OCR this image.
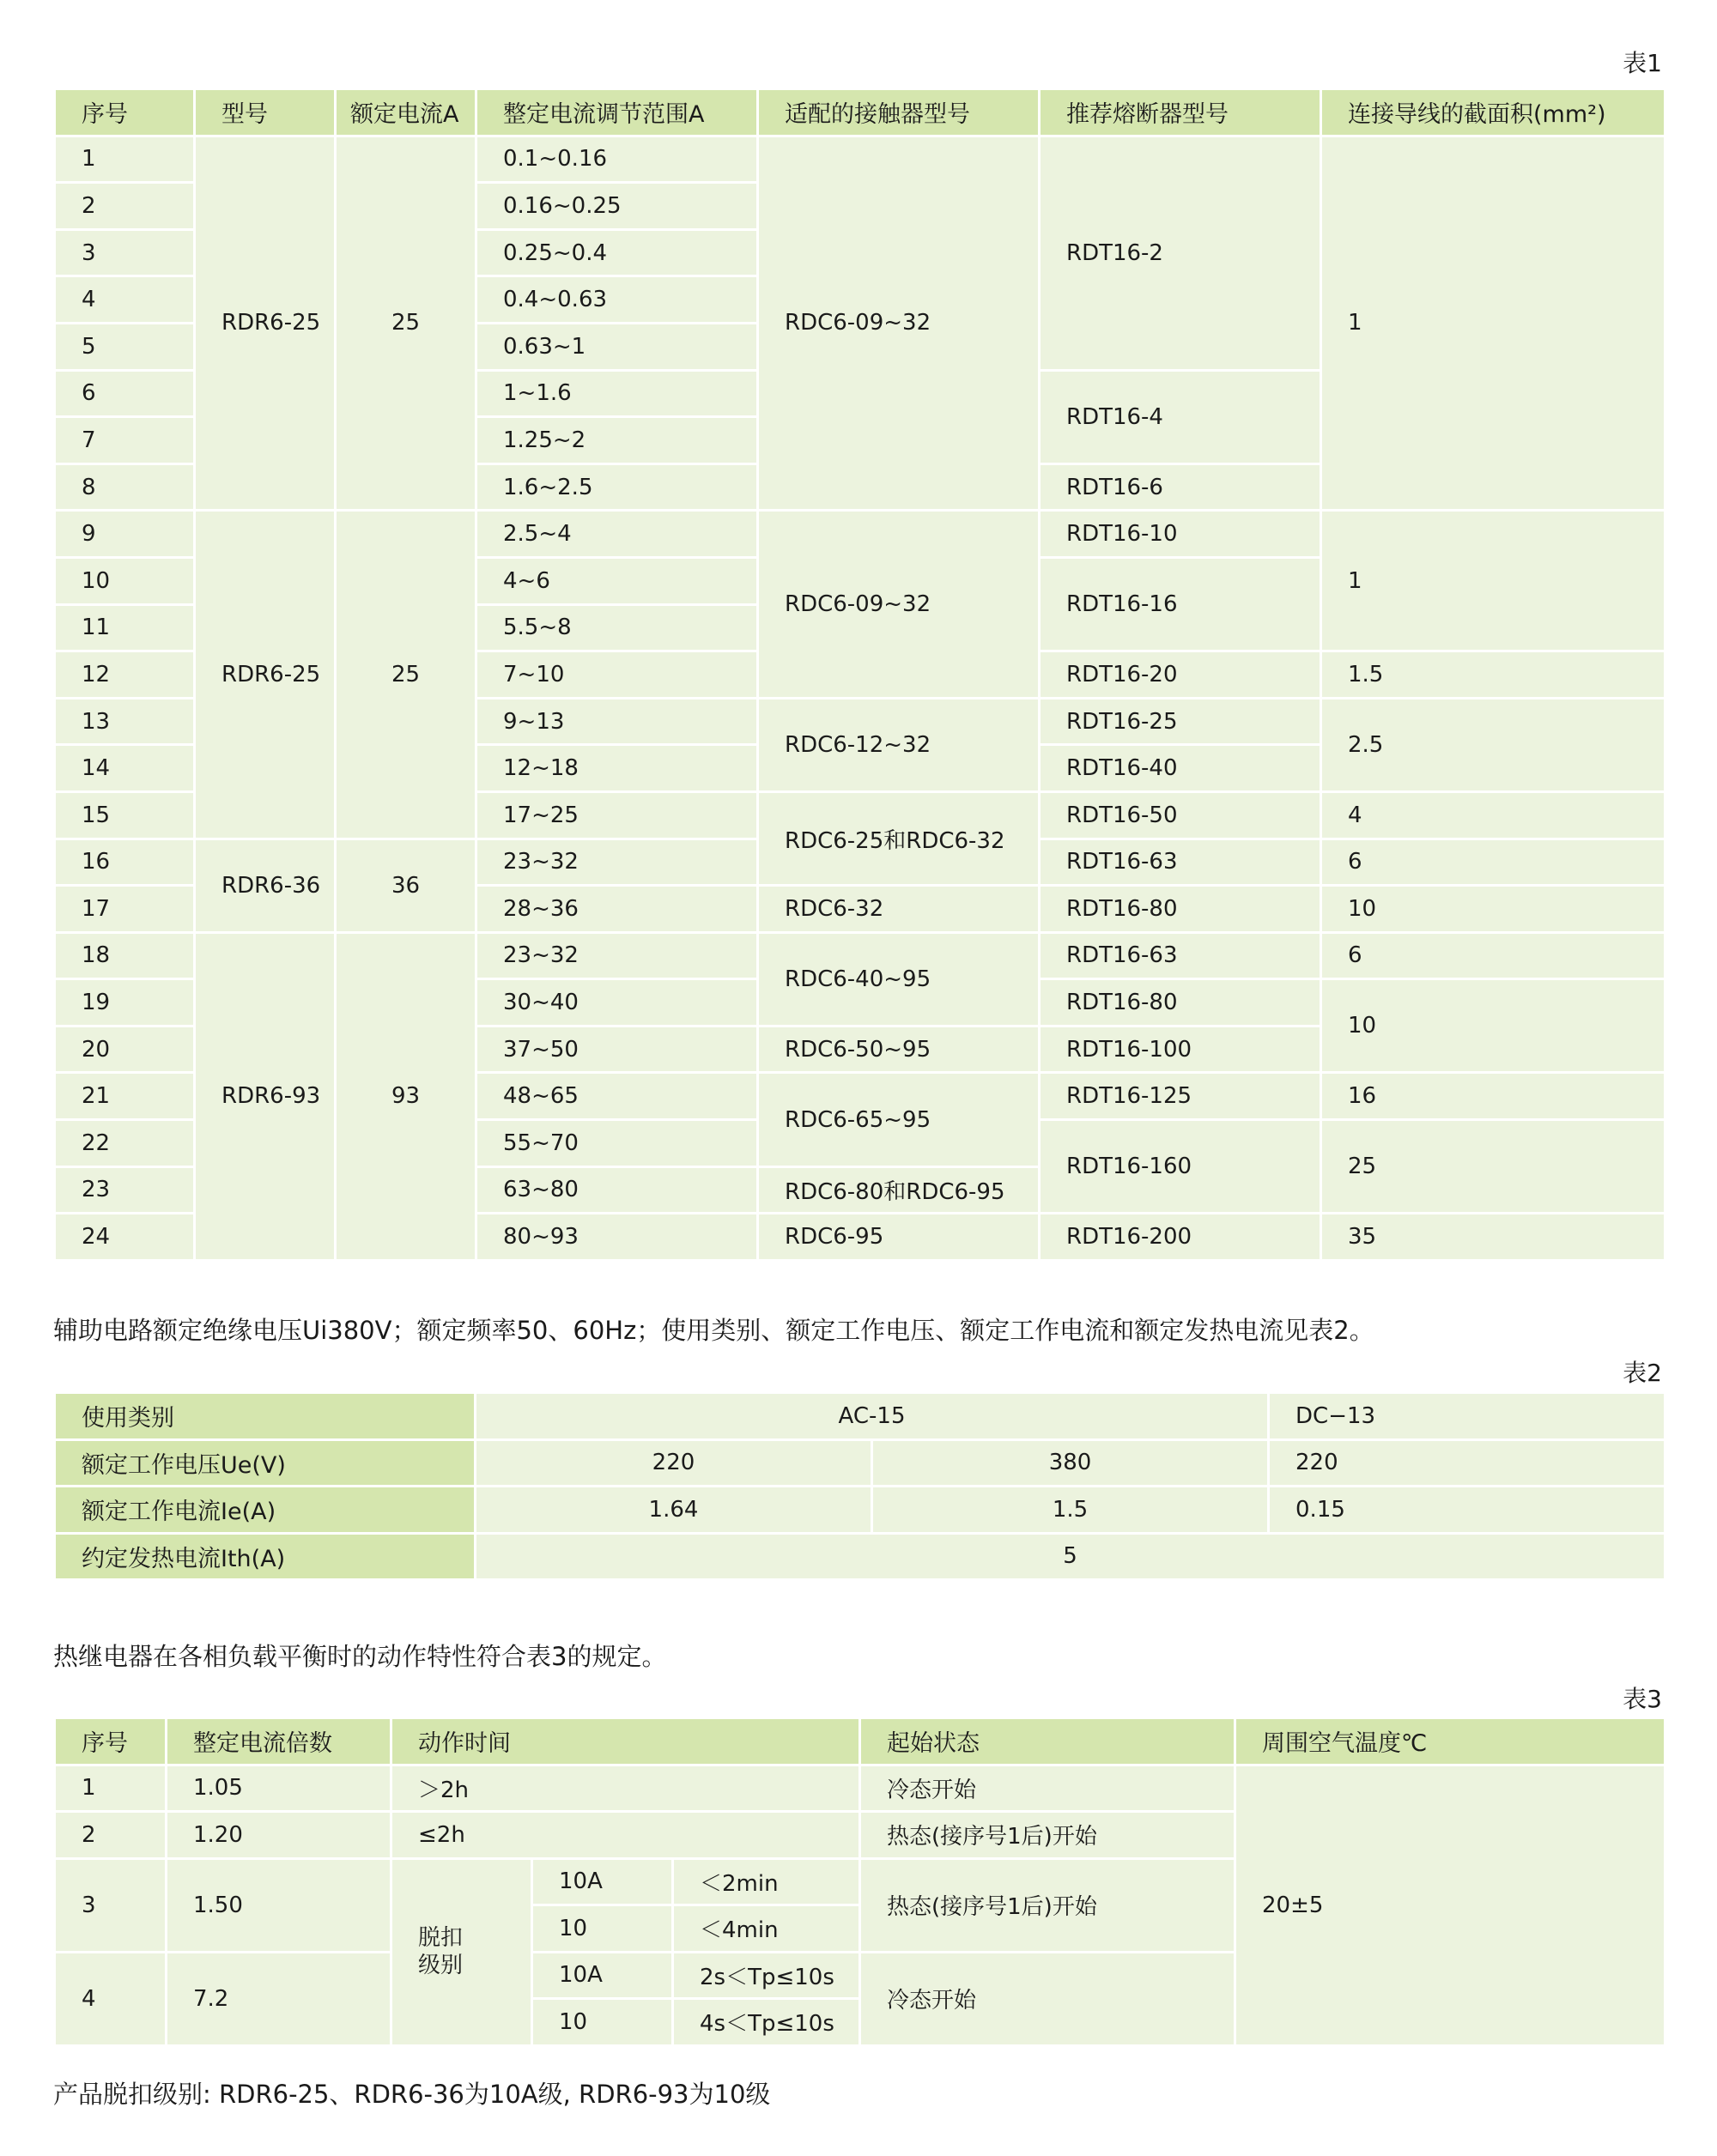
表1
序号	型号	额定电流A	整定电流调节范围A	适配的接触器型号	推荐熔断器型号	连接导线的截面积(mm²)
1	RDR6-25	25	0.1~0.16	RDC6-09~32	RDT16-2	1
2			0.16~0.25			
3			0.25~0.4			
4			0.4~0.63			
5			0.63~1			
6			1~1.6		RDT16-4	
7			1.25~2			
8			1.6~2.5		RDT16-6	
9	RDR6-25	25	2.5~4	RDC6-09~32	RDT16-10	1
10			4~6		RDT16-16	
11			5.5~8			
12			7~10		RDT16-20	1.5
13			9~13	RDC6-12~32	RDT16-25	2.5
14			12~18		RDT16-40	
15			17~25	RDC6-25和RDC6-32	RDT16-50	4
16	RDR6-36	36	23~32		RDT16-63	6
17			28~36	RDC6-32	RDT16-80	10
18	RDR6-93	93	23~32	RDC6-40~95	RDT16-63	6
19			30~40		RDT16-80	10
20			37~50	RDC6-50~95	RDT16-100	
21			48~65	RDC6-65~95	RDT16-125	16
22			55~70		RDT16-160	25
23			63~80	RDC6-80和RDC6-95		
24			80~93	RDC6-95	RDT16-200	35
辅助电路额定绝缘电压Ui380V；额定频率50、60Hz；使用类别、额定工作电压、额定工作电流和额定发热电流见表2。
表2
使用类别	AC-15		DC−13
额定工作电压Ue(V)	220	380	220
额定工作电流Ie(A)	1.64	1.5	0.15
约定发热电流Ith(A)	5		
热继电器在各相负载平衡时的动作特性符合表3的规定。
表3
序号	整定电流倍数	动作时间			起始状态	周围空气温度℃
1	1.05	＞2h			冷态开始	20±5
2	1.20	≤2h			热态(接序号1后)开始	
3	1.50	脱扣级别	10A	＜2min	热态(接序号1后)开始	
			10	＜4min		
4	7.2		10A	2s＜Tp≤10s	冷态开始	
			10	4s＜Tp≤10s		
产品脱扣级别: RDR6-25、RDR6-36为10A级, RDR6-93为10级
